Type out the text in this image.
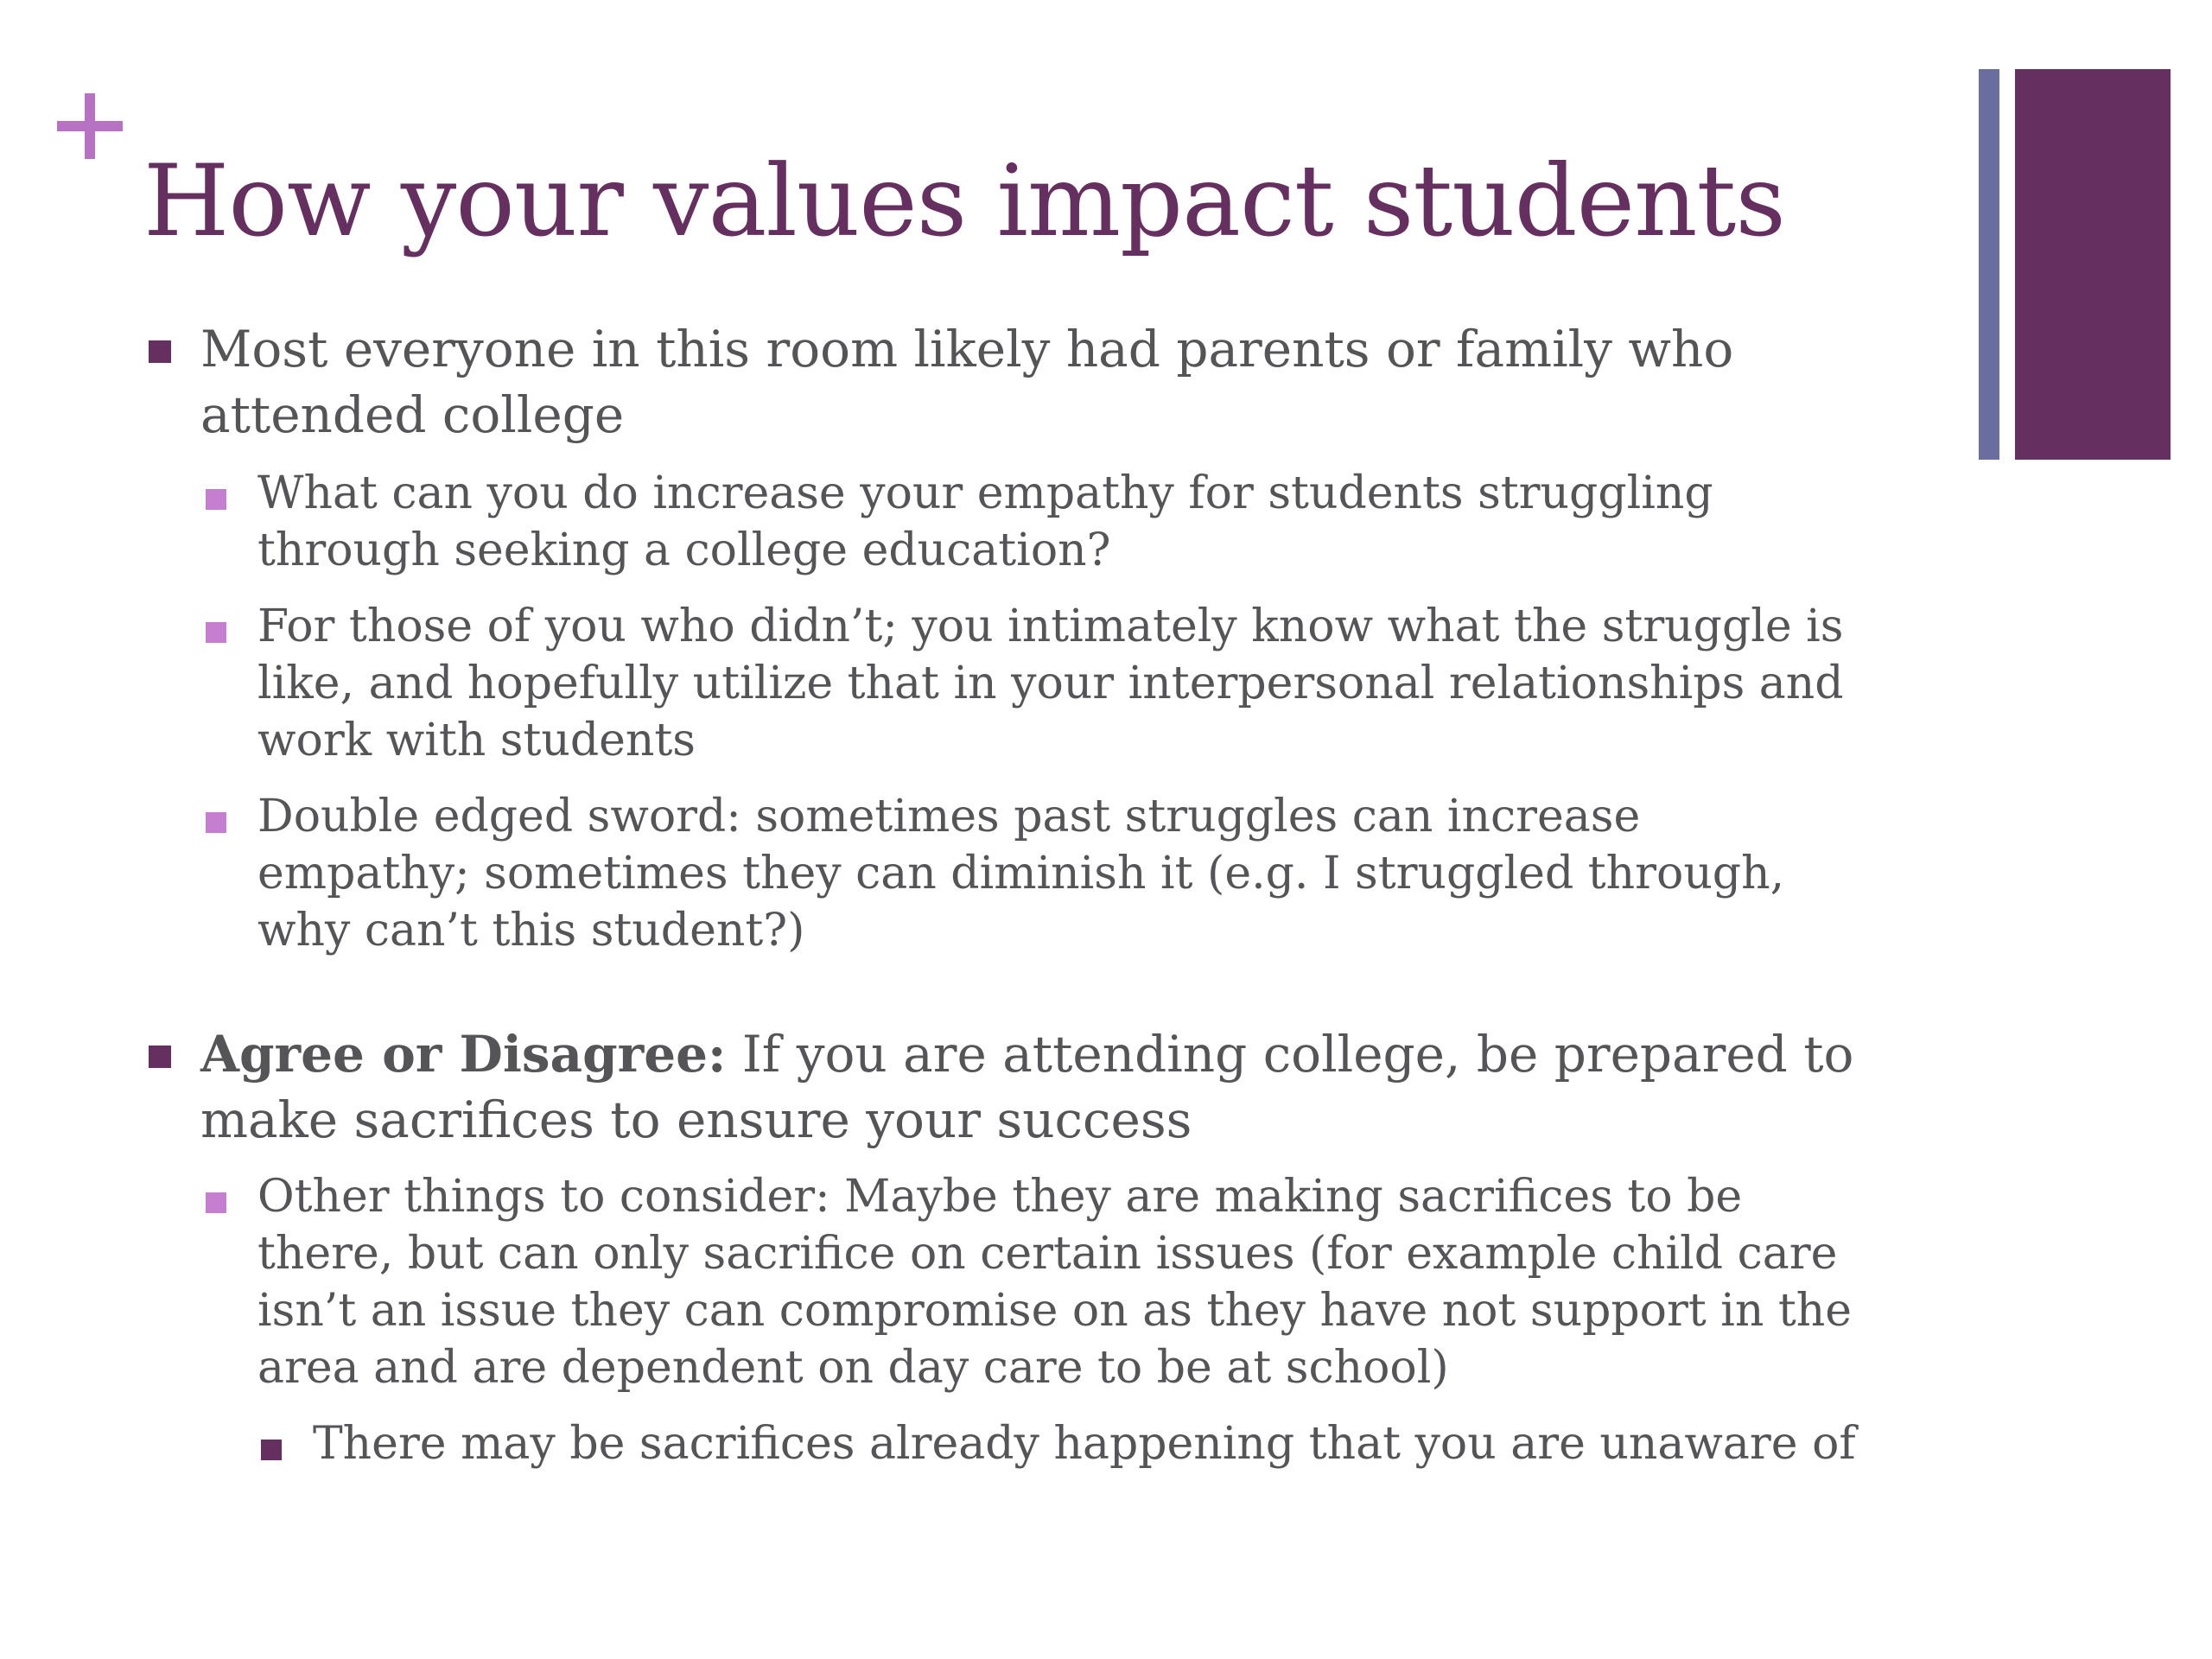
How your values impact students
Most everyone in this room likely had parents or family who
attended college
What can you do increase your empathy for students struggling
through seeking a college education?
For those of you who didn’t; you intimately know what the struggle is
like, and hopefully utilize that in your interpersonal relationships and
work with students
Double edged sword: sometimes past struggles can increase
empathy; sometimes they can diminish it (e.g. I struggled through,
why can’t this student?)
Agree or Disagree: If you are attending college, be prepared to
make sacrifices to ensure your success
Other things to consider: Maybe they are making sacrifices to be
there, but can only sacrifice on certain issues (for example child care
isn’t an issue they can compromise on as they have not support in the
area and are dependent on day care to be at school)
There may be sacrifices already happening that you are unaware of
